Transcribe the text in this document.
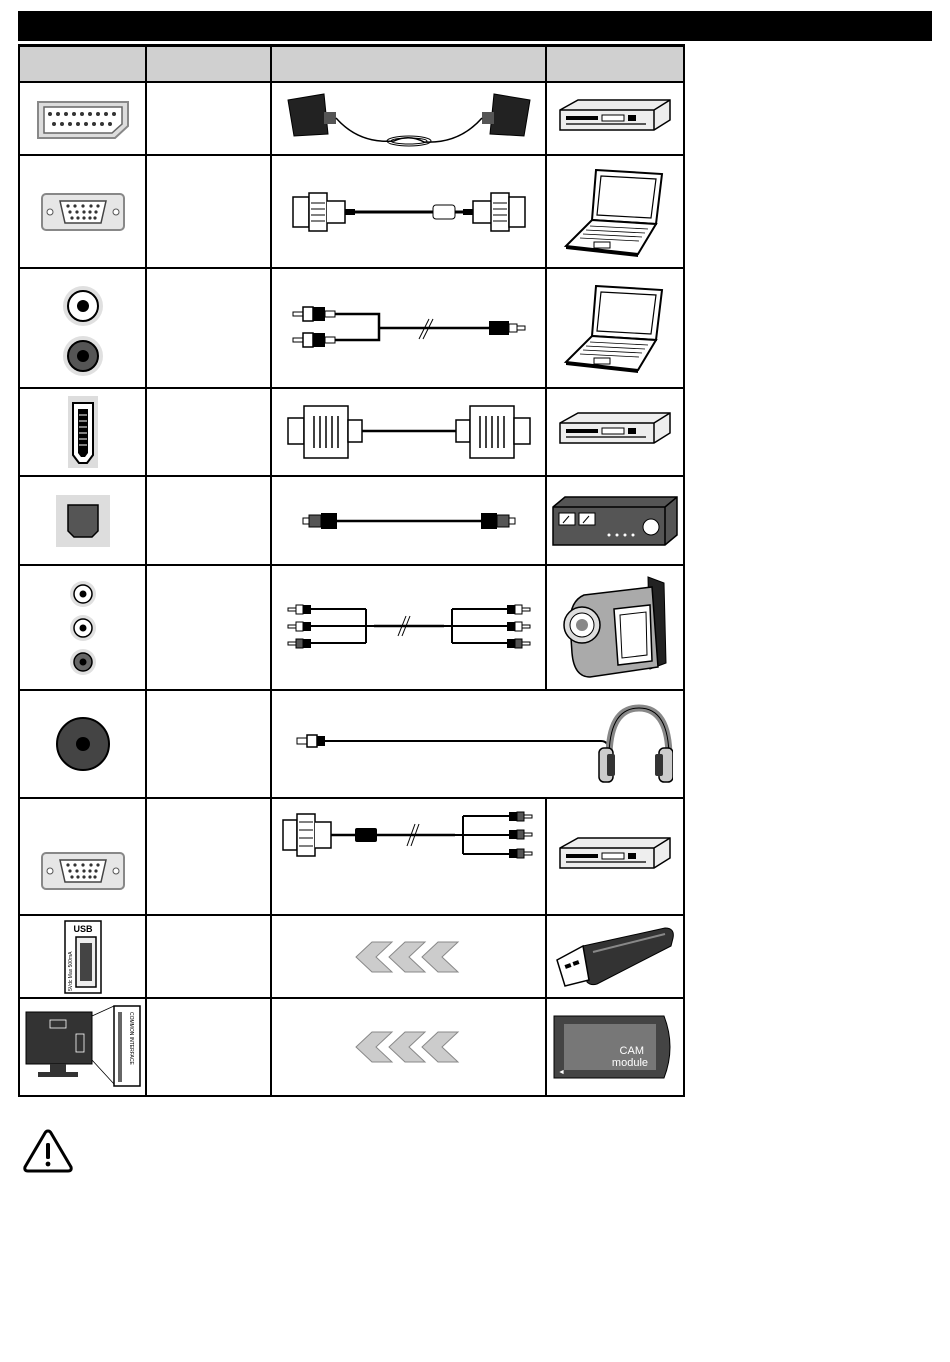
USB
5Vdc Max 500mA

COMMON INTERFACE			◄
CAM
module
